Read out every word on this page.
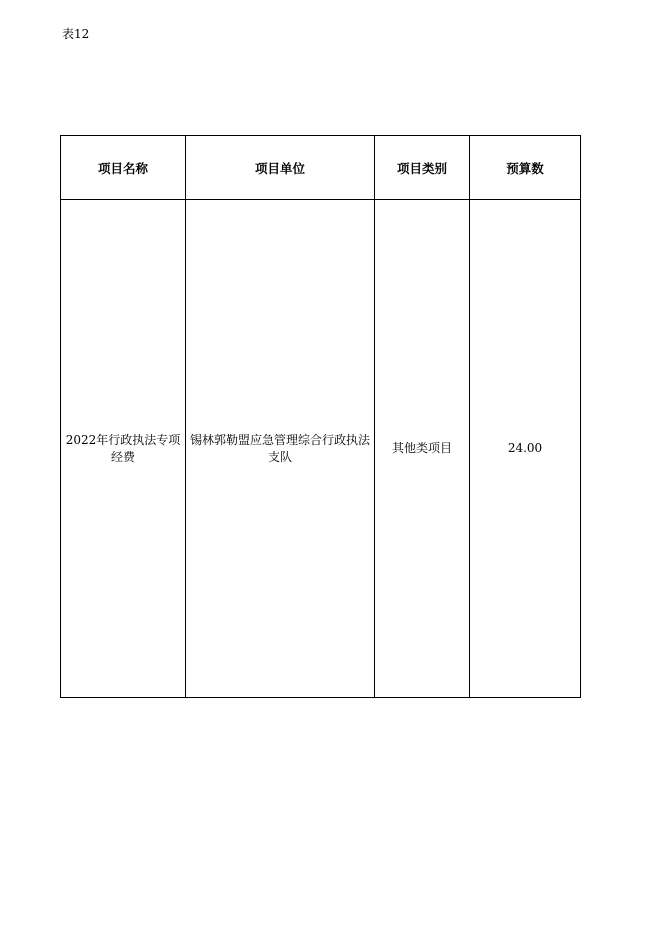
表12
项目名称	项目单位	项目类别	预算数
2022年行政执法专项经费	锡林郭勒盟应急管理综合行政执法支队	其他类项目	24.00
